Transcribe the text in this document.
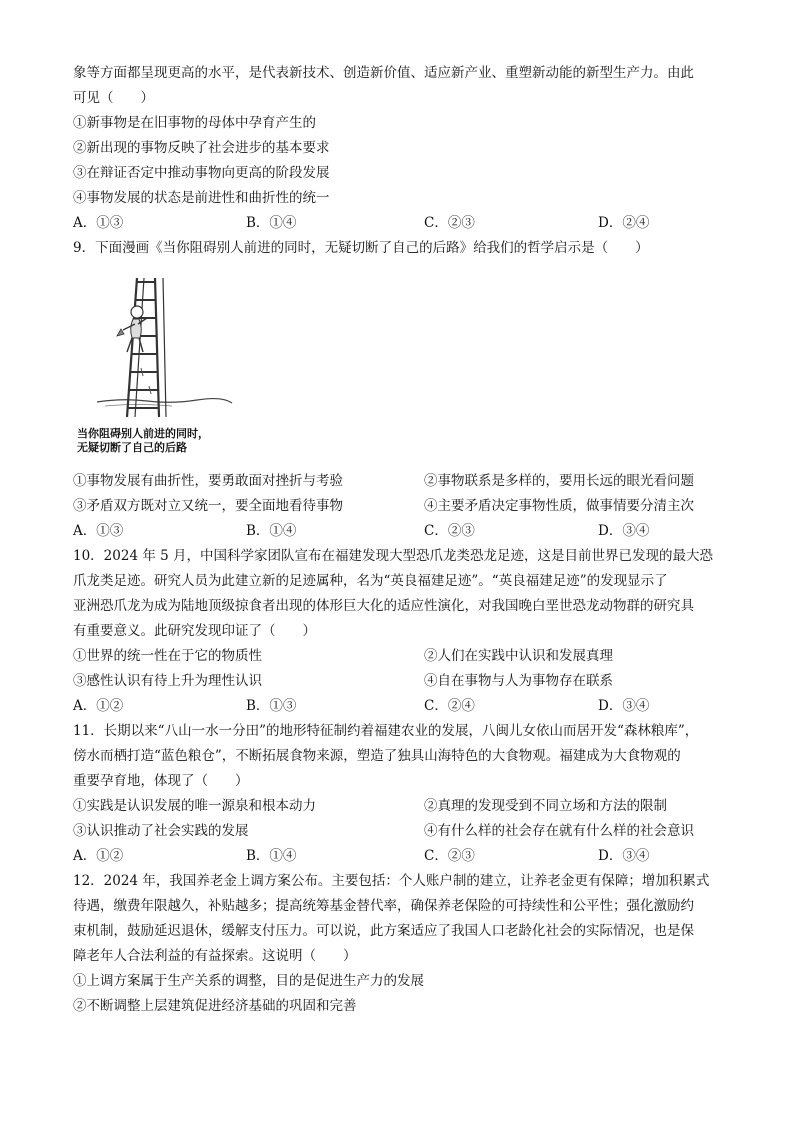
象等方面都呈现更高的水平，是代表新技术、创造新价值、适应新产业、重塑新动能的新型生产力。由此
可见（　　）
①新事物是在旧事物的母体中孕育产生的
②新出现的事物反映了社会进步的基本要求
③在辩证否定中推动事物向更高的阶段发展
④事物发展的状态是前进性和曲折性的统一
A．①③	B．①④	C．②③	D．②④
9．下面漫画《当你阻碍别人前进的同时，无疑切断了自己的后路》给我们的哲学启示是（　　）
当你阻碍别人前进的同时，
无疑切断了自己的后路
①事物发展有曲折性，要勇敢面对挫折与考验	②事物联系是多样的，要用长远的眼光看问题
③矛盾双方既对立又统一，要全面地看待事物	④主要矛盾决定事物性质，做事情要分清主次
A．①③	B．①④	C．②③	D．③④
10．2024 年 5 月，中国科学家团队宣布在福建发现大型恐爪龙类恐龙足迹，这是目前世界已发现的最大恐
爪龙类足迹。研究人员为此建立新的足迹属种，名为“英良福建足迹”。“英良福建足迹”的发现显示了
亚洲恐爪龙为成为陆地顶级掠食者出现的体形巨大化的适应性演化，对我国晚白垩世恐龙动物群的研究具
有重要意义。此研究发现印证了（　　）
①世界的统一性在于它的物质性	②人们在实践中认识和发展真理
③感性认识有待上升为理性认识	④自在事物与人为事物存在联系
A．①②	B．①③	C．②④	D．③④
11．长期以来“八山一水一分田”的地形特征制约着福建农业的发展，八闽儿女依山而居开发“森林粮库”，
傍水而栖打造“蓝色粮仓”，不断拓展食物来源，塑造了独具山海特色的大食物观。福建成为大食物观的
重要孕育地，体现了（　　）
①实践是认识发展的唯一源泉和根本动力	②真理的发现受到不同立场和方法的限制
③认识推动了社会实践的发展	④有什么样的社会存在就有什么样的社会意识
A．①②	B．①④	C．②③	D．③④
12．2024 年，我国养老金上调方案公布。主要包括：个人账户制的建立，让养老金更有保障；增加积累式
待遇，缴费年限越久，补贴越多；提高统筹基金替代率，确保养老保险的可持续性和公平性；强化激励约
束机制，鼓励延迟退休，缓解支付压力。可以说，此方案适应了我国人口老龄化社会的实际情况，也是保
障老年人合法利益的有益探索。这说明（　　）
①上调方案属于生产关系的调整，目的是促进生产力的发展
②不断调整上层建筑促进经济基础的巩固和完善
